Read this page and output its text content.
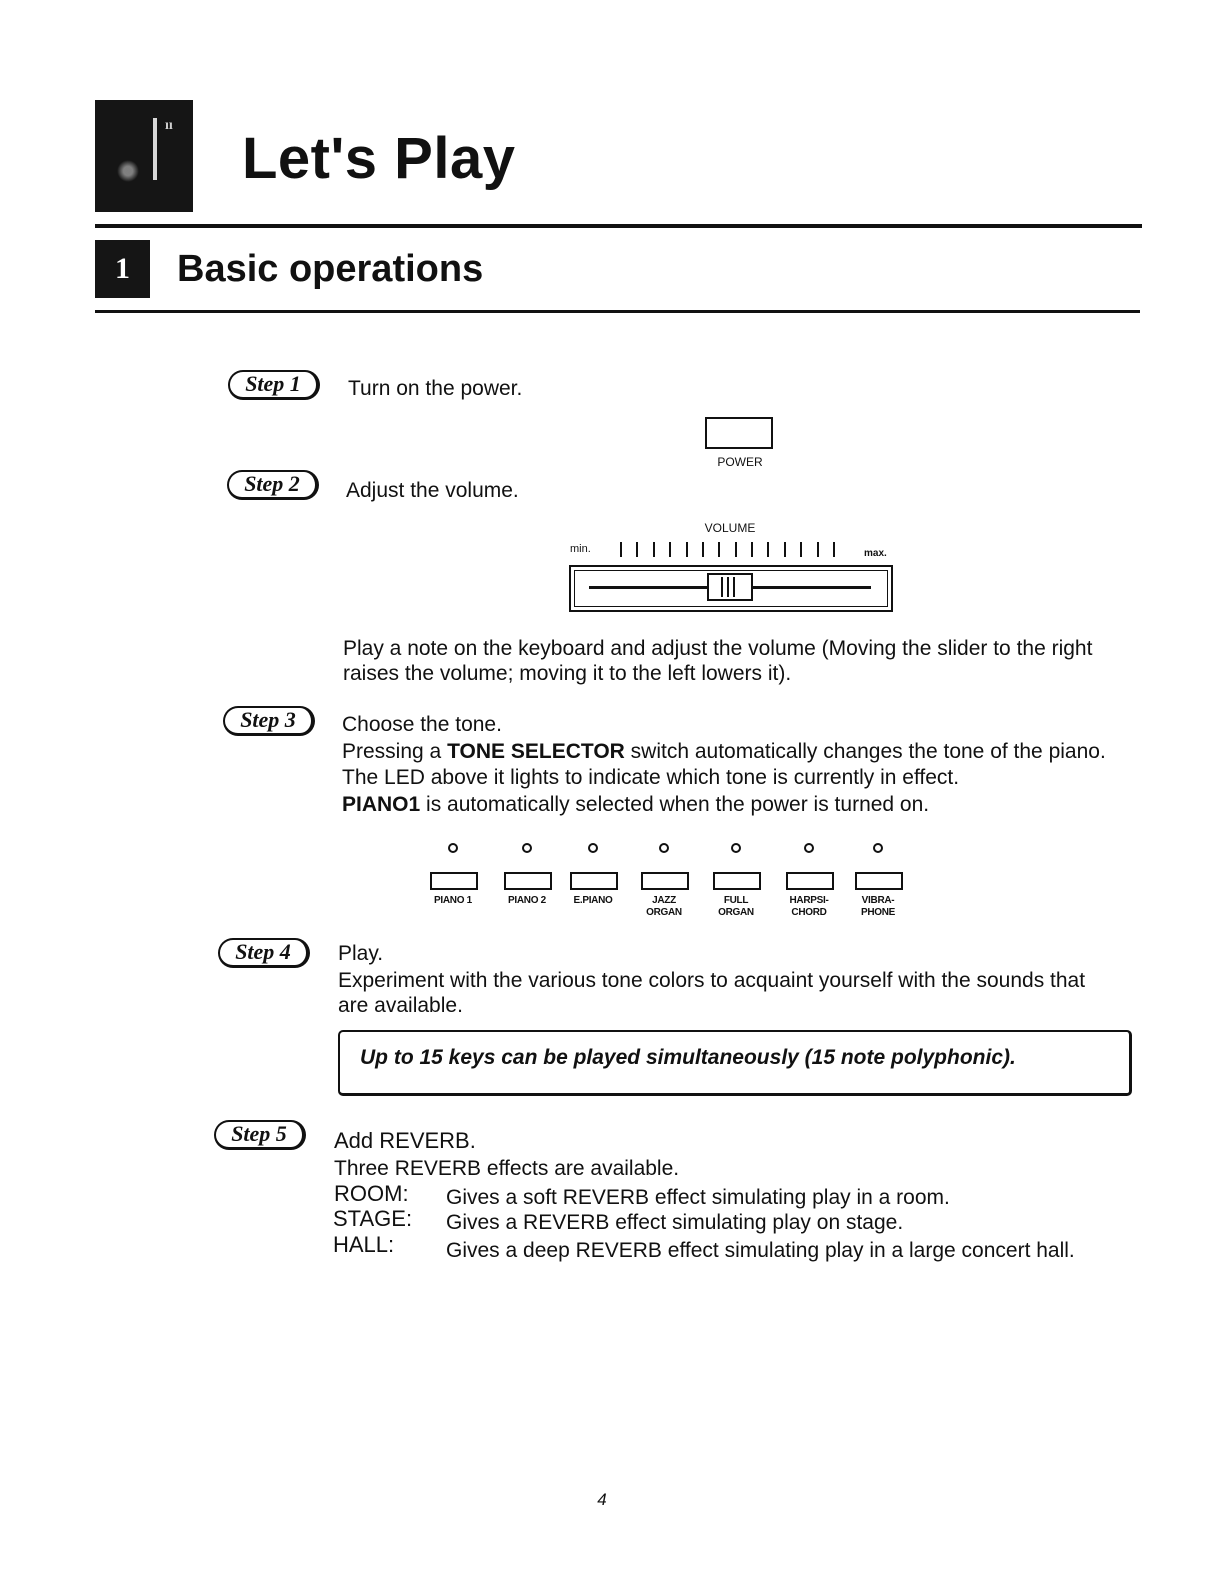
ıı
Let's Play
1	Basic operations
Step 1	Turn on the power.
POWER
Step 2	Adjust the volume.
VOLUME
min.	max.
Play a note on the keyboard and adjust the volume (Moving the slider to the right
raises the volume; moving it to the left lowers it).
Step 3	Choose the tone.
Pressing a TONE SELECTOR switch automatically changes the tone of the piano.
The LED above it lights to indicate which tone is currently in effect.
PIANO1 is automatically selected when the power is turned on.
PIANO 1	PIANO 2	E.PIANO	JAZZ
ORGAN
FULL
ORGAN
HARPSI-
CHORD
VIBRA-
PHONE
Step 4	Play.
Experiment with the various tone colors to acquaint yourself with the sounds that
are available.
Up to 15 keys can be played simultaneously (15 note polyphonic).
Step 5	Add REVERB.
Three REVERB effects are available.
ROOM: Gives a soft REVERB effect simulating play in a room.
STAGE: Gives a REVERB effect simulating play on stage.
HALL: Gives a deep REVERB effect simulating play in a large concert hall.
4
